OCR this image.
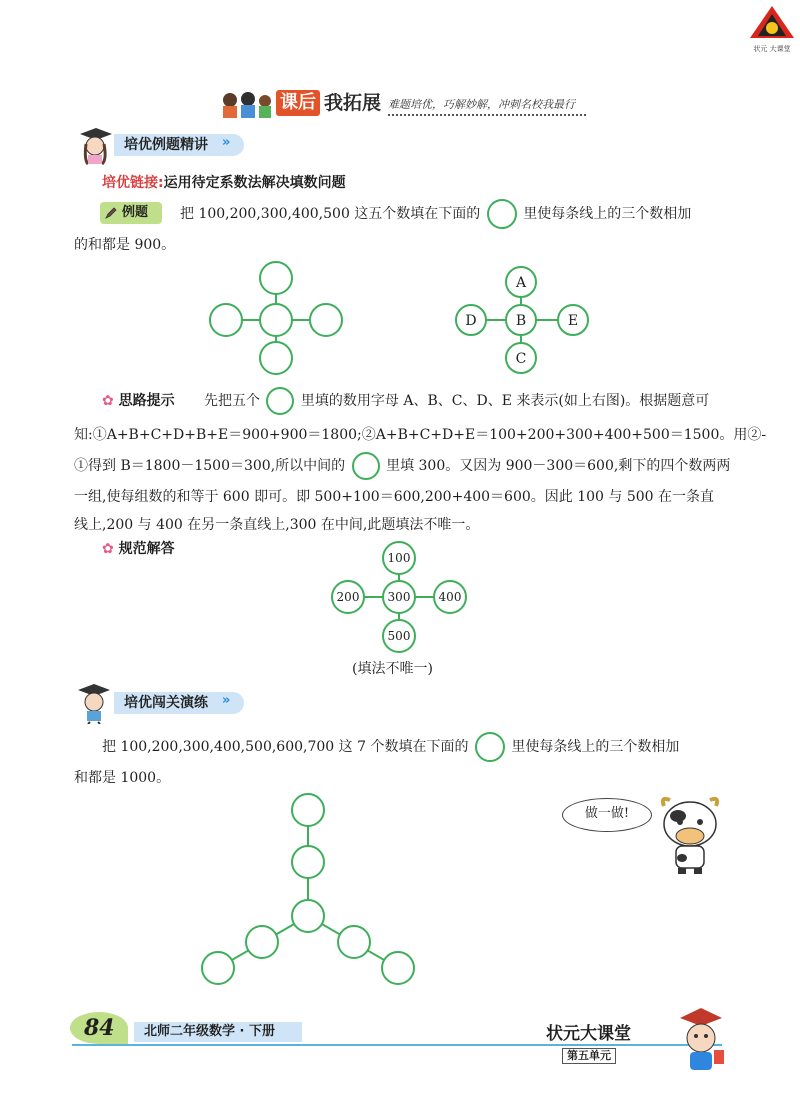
状元 大课堂
课后 我拓展 难题培优，巧解妙解，冲刺名校我最行
培优例题精讲 »
培优链接:运用待定系数法解决填数问题
例题 把 100,200,300,400,500 这五个数填在下面的	里使每条线上的三个数相加
的和都是 900。
A
D	B	E
C
✿ 思路提示 先把五个	里填的数用字母 A、B、C、D、E 来表示(如上右图)。根据题意可
知:①A+B+C+D+B+E＝900+900＝1800;②A+B+C+D+E＝100+200+300+400+500＝1500。用②-
①得到 B＝1800－1500＝300,所以中间的	里填 300。又因为 900－300＝600,剩下的四个数两两
一组,使每组数的和等于 600 即可。即 500+100＝600,200+400＝600。因此 100 与 500 在一条直
线上,200 与 400 在另一条直线上,300 在中间,此题填法不唯一。
✿ 规范解答
100
200 300 400
500
(填法不唯一)
培优闯关演练 »
把 100,200,300,400,500,600,700 这 7 个数填在下面的	里使每条线上的三个数相加
和都是 1000。
做一做!
84 北师二年级数学 · 下册	状元大课堂
第五单元
